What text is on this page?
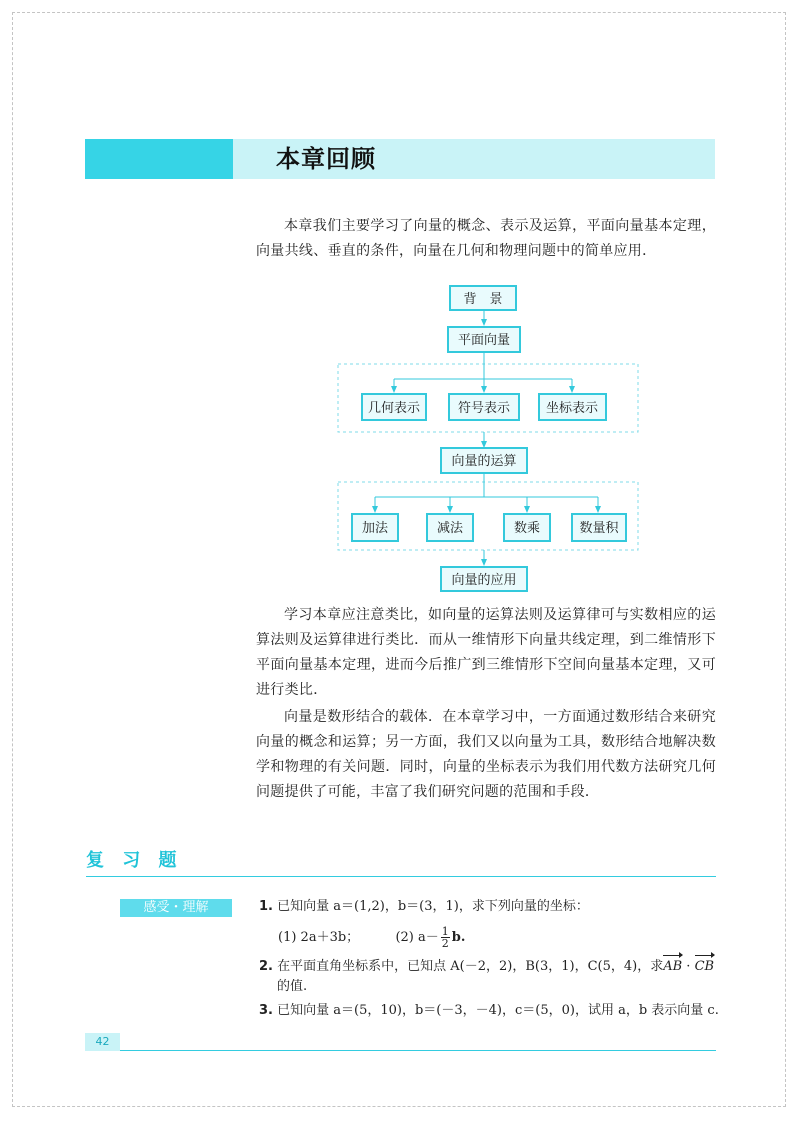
本章回顾

本章我们主要学习了向量的概念、表示及运算，平面向量基本定理，向量共线、垂直的条件，向量在几何和物理问题中的简单应用．

背　景
平面向量
几何表示	符号表示	坐标表示
向量的运算
加法	减法	数乘	数量积
向量的应用

学习本章应注意类比，如向量的运算法则及运算律可与实数相应的运算法则及运算律进行类比．而从一维情形下向量共线定理，到二维情形下平面向量基本定理，进而今后推广到三维情形下空间向量基本定理，又可进行类比．

向量是数形结合的载体．在本章学习中，一方面通过数形结合来研究向量的概念和运算；另一方面，我们又以向量为工具，数形结合地解决数学和物理的有关问题．同时，向量的坐标表示为我们用代数方法研究几何问题提供了可能，丰富了我们研究问题的范围和手段．

复 习 题
感受・理解	1. 已知向量 a＝(1,2)，b＝(3，1)，求下列向量的坐标：

(1) 2a＋3b；	(2) $a- \frac{1}{2} b$.

2. 在平面直角坐标系中，已知点 A(－2，2)，B(3，1)，C(5，4)，求AB · CB
的值.

3. 已知向量 a＝(5，10)，b＝(－3，－4)，c＝(5，0)，试用 a，b 表示向量 c.

42
